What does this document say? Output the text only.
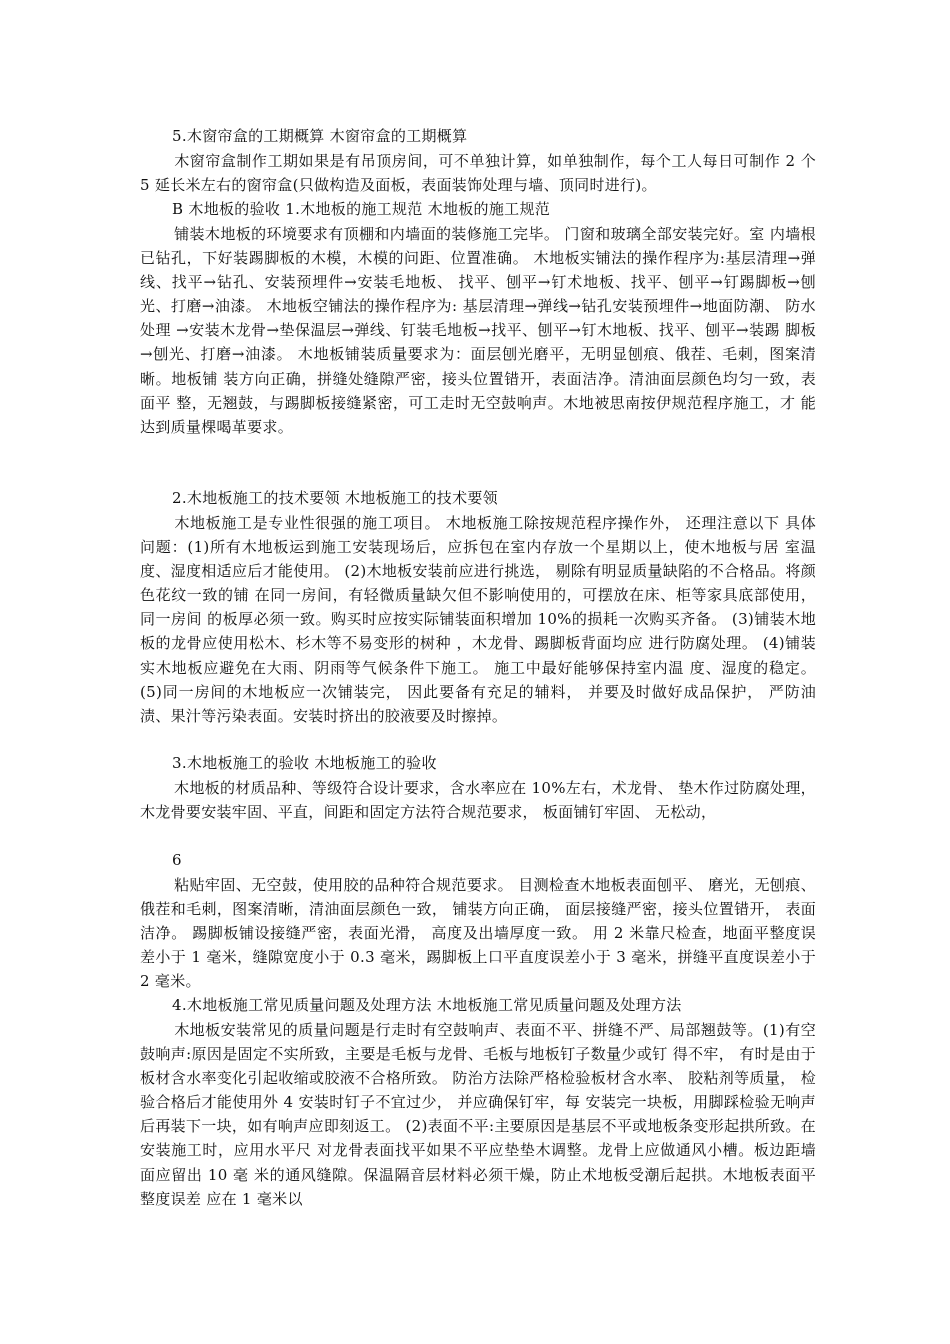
5.木窗帘盒的工期概算 木窗帘盒的工期概算
木窗帘盒制作工期如果是有吊顶房间，可不单独计算，如单独制作，每个工人每日可制作 2 个 5 延长米左右的窗帘盒(只做构造及面板，表面装饰处理与墙、顶同时进行)。
B 木地板的验收 1.木地板的施工规范 木地板的施工规范
铺装木地板的环境要求有顶棚和内墙面的装修施工完毕。 门窗和玻璃全部安装完好。室 内墙根已钻孔，下好装踢脚板的木模，木模的问距、位置准确。 木地板实铺法的操作程序为:基层清理→弹线、找平→钻孔、安装预埋件→安装毛地板、 找平、刨平→钉术地板、找平、刨平→钉踢脚板→刨光、打磨→油漆。 木地板空铺法的操作程序为: 基层清理→弹线→钻孔安装预埋件→地面防潮、 防水处理 →安装木龙骨→垫保温层→弹线、钉装毛地板→找平、刨平→钉木地板、找平、刨平→装踢 脚板→刨光、打磨→油漆。 木地板铺装质量要求为：面层刨光磨平，无明显刨痕、俄茬、毛刺，图案清晰。地板铺 装方向正确，拼缝处缝隙严密，接头位置错开，表面洁净。清油面层颜色均匀一致，表面平 整，无翘鼓，与踢脚板接缝紧密，可工走时无空鼓响声。木地被思南按伊规范程序施工，才 能达到质量棵喝革要求。
2.木地板施工的技术要领 木地板施工的技术要领
木地板施工是专业性很强的施工项目。 木地板施工除按规范程序操作外， 还理注意以下 具体问题：(1)所有木地板运到施工安装现场后，应拆包在室内存放一个星期以上，使木地板与居 室温度、湿度相适应后才能使用。 (2)木地板安装前应进行挑选， 剔除有明显质量缺陷的不合格品。将颜色花纹一致的铺 在同一房间，有轻微质量缺欠但不影响使用的，可摆放在床、柜等家具底部使用，同一房间 的板厚必须一致。购买时应按实际铺装面积增加 10%的损耗一次购买齐备。 (3)铺装木地板的龙骨应使用松木、杉木等不易变形的树种 ，木龙骨、踢脚板背面均应 进行防腐处理。 (4)铺装实木地板应避免在大雨、阴雨等气候条件下施工。 施工中最好能够保持室内温 度、湿度的稳定。 (5)同一房间的木地板应一次铺装完， 因此要备有充足的辅料， 并要及时做好成品保护， 严防油渍、果汁等污染表面。安装时挤出的胶液要及时擦掉。
3.木地板施工的验收 木地板施工的验收
木地板的材质品种、等级符合设计要求，含水率应在 10%左右，术龙骨、 垫木作过防腐处理，木龙骨要安装牢固、平直，间距和固定方法符合规范要求， 板面铺钉牢固、 无松动，
6
粘贴牢固、无空鼓，使用胶的品种符合规范要求。 目测检查木地板表面刨平、 磨光，无刨痕、俄茬和毛刺，图案清晰，清油面层颜色一致， 铺装方向正确， 面层接缝严密，接头位置错开， 表面洁净。 踢脚板铺设接缝严密，表面光滑， 高度及出墙厚度一致。 用 2 米靠尺检查，地面平整度误差小于 1 毫米，缝隙宽度小于 0.3 毫米，踢脚板上口平直度误差小于 3 毫米，拼缝平直度误差小于 2 毫米。
4.木地板施工常见质量问题及处理方法 木地板施工常见质量问题及处理方法
木地板安装常见的质量问题是行走时有空鼓响声、表面不平、拼缝不严、局部翘鼓等。(1)有空鼓响声:原因是固定不实所致，主要是毛板与龙骨、毛板与地板钉子数量少或钉 得不牢， 有时是由于板材含水率变化引起收缩或胶液不合格所致。 防治方法除严格检验板材含水率、 胶粘剂等质量， 检验合格后才能使用外 4 安装时钉子不宜过少， 并应确保钉牢，每 安装完一块板，用脚踩检验无响声后再装下一块，如有响声应即刻返工。 (2)表面不平:主要原因是基层不平或地板条变形起拱所致。在安装施工时，应用水平尺 对龙骨表面找平如果不平应垫垫木调整。龙骨上应做通风小槽。板边距墙面应留出 10 毫 米的通风缝隙。保温隔音层材料必须干燥，防止术地板受潮后起拱。木地板表面平整度误差 应在 1 毫米以
